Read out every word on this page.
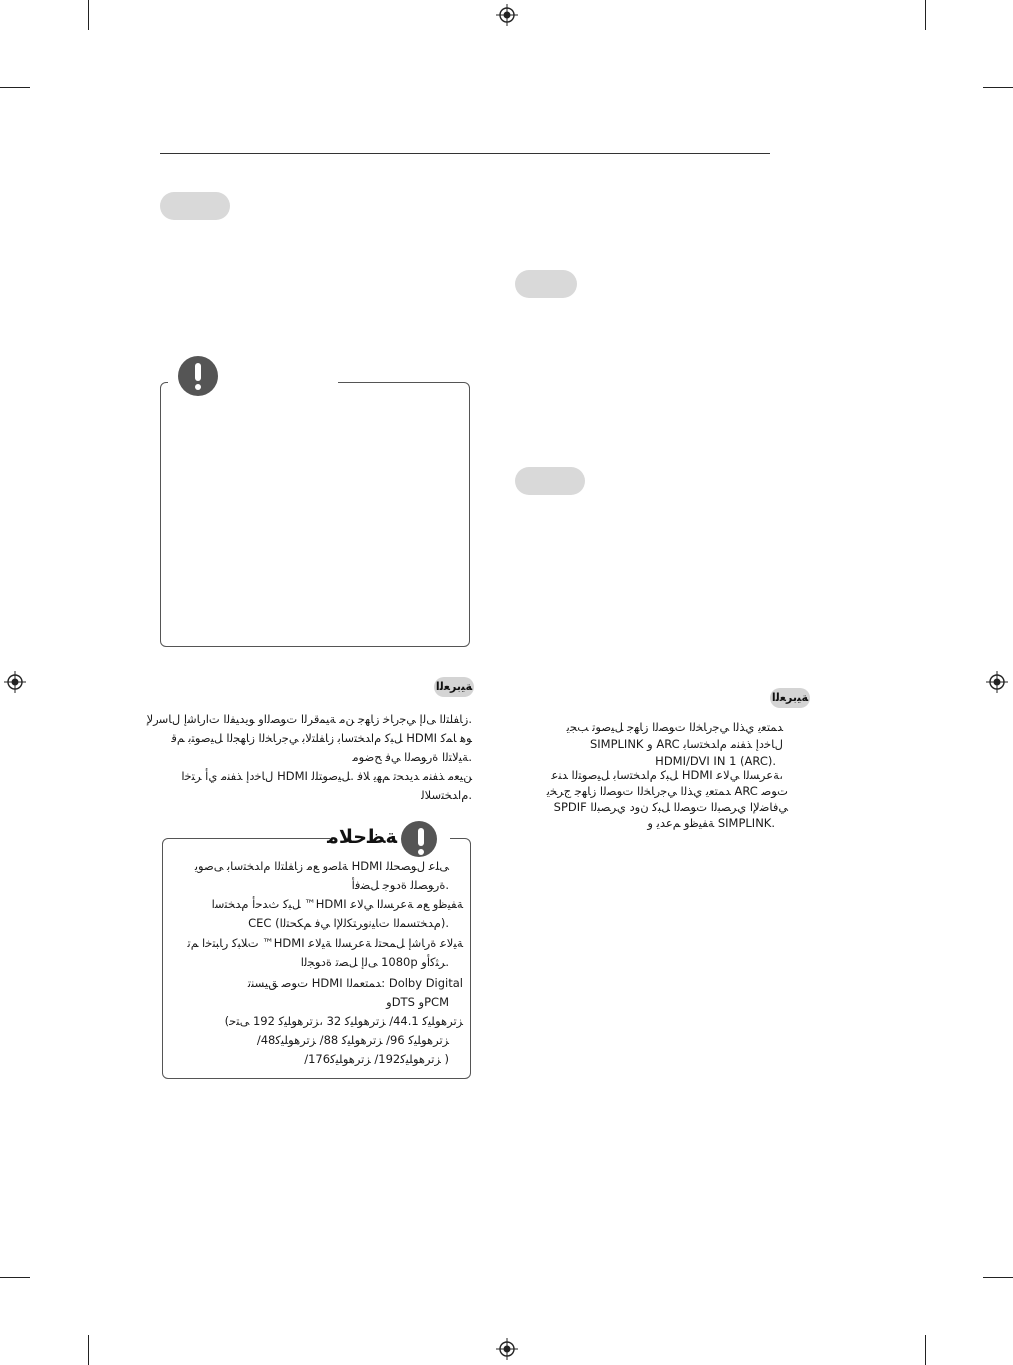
ﺔﻴﺑﺮﻌﻟﺍ
.ﺯﺎﻔﻠﺘﻟﺍ ﻰﻟﺇ ﻲﺟﺭﺎﺧ ﺯﺎﻬﺟ ﻦﻣ ﺔﻴﻤﻗﺮﻟﺍ ﺕﻮﺼﻟﺍﻭ ﻮﻳﺪﻴﻔﻟﺍ ﺕﺍﺭﺎﺷﺇ ﻝﺎﺳﺭﻹ
ﻮﻫ ﺎﻤﻛ HDMI ﻞﺒﻛ ﻡﺍﺪﺨﺘﺳﺎﺑ ﺯﺎﻔﻠﺘﻟﺎﺑ ﻲﺟﺭﺎﺨﻟﺍ ﺯﺎﻬﺠﻟﺍ ﻞﻴﺻﻮﺘﺑ ﻢﻗ
.ﺔﻴﻟﺎﺘﻟﺍ ﺓﺭﻮﺼﻟﺍ ﻲﻓ ﺢﺿﻮﻣ
ﻦﻴﻌﻣ ﺬﻔﻨﻣ ﺪﻳﺪﺤﺗ ﻢﻬﻳ ﻼﻓ .ﻞﻴﺻﻮﺘﻠﻟ HDMI ﻝﺎﺧﺩﺇ ﺬﻔﻨﻣ ﻱﺃ ﺮﺘﺧﺍ
.ﻡﺍﺪﺨﺘﺳﻼﻟ
ﺔﻈﺣﻼﻣ
ﻰﻠﻋ ﻝﻮﺼﺤﻠﻟ HDMI ﺔﻠﺻﻭ ﻊﻣ ﺯﺎﻔﻠﺘﻟﺍ ﻡﺍﺪﺨﺘﺳﺎﺑ ﻰﺻﻮﻳ
.ﺓﺭﻮﺼﻠﻟ ﺓﺩﻮﺟ ﻞﻀﻓﺃ
ﺔﻔﻴﻇﻭ ﻊﻣ ﺔﻋﺮﺴﻟﺍ ﻲﻟﺎﻋ HDMI™ ﻞﺒﻛ ﺙﺪﺣﺃ ﻡﺪﺨﺘﺳﺍ
.(ﻡﺪﺨﺘﺴﻤﻟﺍ ﺕﺎﻴﻧﻭﺮﺘﻜﻟﻹﺍ ﻲﻓ ﻢﻜﺤﺘﻟﺍ) CEC
ﺔﻴﻟﺎﻋ ﺓﺭﺎﺷﺇ ﻞﻤﺤﺘﻟ ﺔﻋﺮﺴﻟﺍ ﺔﻴﻟﺎﻋ HDMI™ ﺕﻼﺒﻛ ﺭﺎﺒﺘﺧﺍ ﻢﺗ
.ﺮﺜﻛﺃﻭ 1080p ﻰﻟﺇ ﻞﺼﺗ ﺓﺩﻮﺠﻟﺍ
Dolby Digital :ﺪﻤﺘﻌﻤﻟﺍ HDMI ﺕﻮﺻ ﻖﻴﺴﻨﺗ
PCMﻭ DTSﻭ
ﺰﺗﺮﻫﻮﻠﻴﻛ 44.1/ ﺰﺗﺮﻫﻮﻠﻴﻛ 32 ،ﺰﺗﺮﻫﻮﻠﻴﻛ 192 ﻰﺘﺣ)
ﺰﺗﺮﻫﻮﻠﻴﻛ 96/ ﺰﺗﺮﻫﻮﻠﻴﻛ 88/ ﺰﺗﺮﻫﻮﻠﻴﻛ48/
( ﺰﺗﺮﻫﻮﻠﻴﻛ192/ ﺰﺗﺮﻫﻮﻠﻴﻛ176/
ﺔﻴﺑﺮﻌﻟﺍ
ﺪﻤﺘﻌﻳ ﻱﺬﻟﺍ ﻲﺟﺭﺎﺨﻟﺍ ﺕﻮﺼﻟﺍ ﺯﺎﻬﺟ ﻞﻴﺻﻮﺗ ﺐﺠﻳ
ﻝﺎﺧﺩﺇ ﺬﻔﻨﻣ ﻡﺍﺪﺨﺘﺳﺎﺑ ARC ﻭ SIMPLINK
.HDMI/DVI IN 1 (ARC)
،ﺔﻋﺮﺴﻟﺍ ﻲﻟﺎﻋ HDMI ﻞﺒﻛ ﻡﺍﺪﺨﺘﺳﺎﺑ ﻞﻴﺻﻮﺘﻟﺍ ﺪﻨﻋ
ﺕﻮﺻ ARC ﺪﻤﺘﻌﻳ ﻱﺬﻟﺍ ﻲﺟﺭﺎﺨﻟﺍ ﺕﻮﺼﻟﺍ ﺯﺎﻬﺟ ﺝﺮﺨﻳ
ﻲﻓﺎﺿﻹﺍ ﻱﺮﺼﺒﻟﺍ ﺕﻮﺼﻟﺍ ﻞﺒﻛ ﻥﻭﺩ ﻱﺮﺼﺒﻟﺍ SPDIF
.SIMPLINK ﺔﻔﻴﻇﻭ ﻢﻋﺪﻳ ﻭ
